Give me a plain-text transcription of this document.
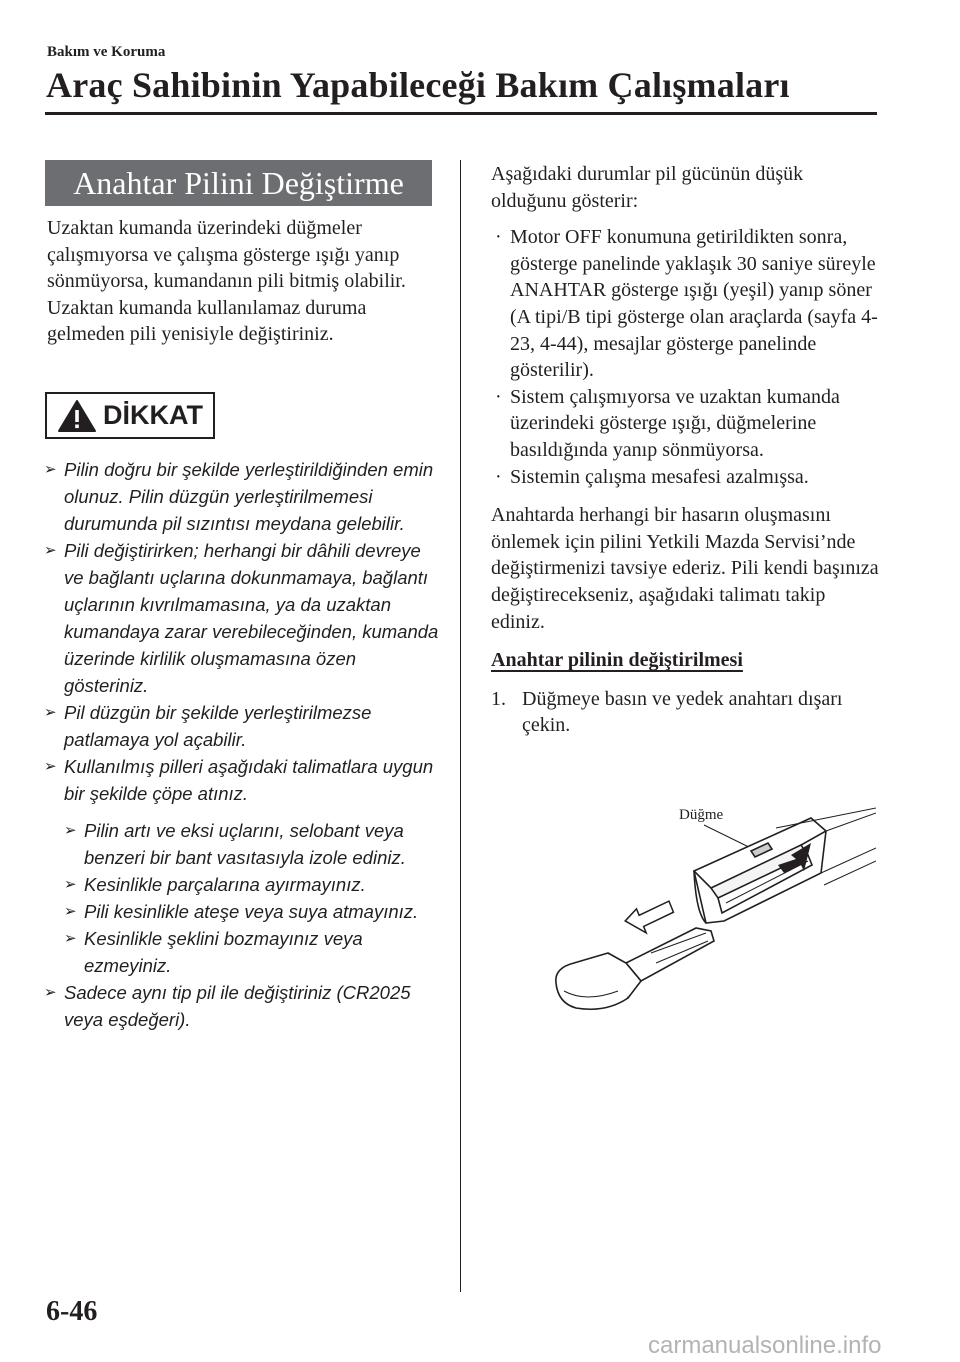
Bakım ve Koruma
Araç Sahibinin Yapabileceği Bakım Çalışmaları
Anahtar Pilini Değiştirme
Uzaktan kumanda üzerindeki düğmeler çalışmıyorsa ve çalışma gösterge ışığı yanıp sönmüyorsa, kumandanın pili bitmiş olabilir.
Uzaktan kumanda kullanılamaz duruma gelmeden pili yenisiyle değiştiriniz.
DİKKAT
➢ Pilin doğru bir şekilde yerleştirildiğinden emin olunuz. Pilin düzgün yerleştirilmemesi durumunda pil sızıntısı meydana gelebilir.
➢ Pili değiştirirken; herhangi bir dâhili devreye ve bağlantı uçlarına dokunmamaya, bağlantı uçlarının kıvrılmamasına, ya da uzaktan kumandaya zarar verebileceğinden, kumanda üzerinde kirlilik oluşmamasına özen gösteriniz.
➢ Pil düzgün bir şekilde yerleştirilmezse patlamaya yol açabilir.
➢ Kullanılmış pilleri aşağıdaki talimatlara uygun bir şekilde çöpe atınız.
➢ Pilin artı ve eksi uçlarını, selobant veya benzeri bir bant vasıtasıyla izole ediniz.
➢ Kesinlikle parçalarına ayırmayınız.
➢ Pili kesinlikle ateşe veya suya atmayınız.
➢ Kesinlikle şeklini bozmayınız veya ezmeyiniz.
➢ Sadece aynı tip pil ile değiştiriniz (CR2025 veya eşdeğeri).
Aşağıdaki durumlar pil gücünün düşük olduğunu gösterir:
· Motor OFF konumuna getirildikten sonra, gösterge panelinde yaklaşık 30 saniye süreyle ANAHTAR gösterge ışığı (yeşil) yanıp söner (A tipi/B tipi gösterge olan araçlarda (sayfa 4-23, 4-44), mesajlar gösterge panelinde gösterilir).
· Sistem çalışmıyorsa ve uzaktan kumanda üzerindeki gösterge ışığı, düğmelerine basıldığında yanıp sönmüyorsa.
· Sistemin çalışma mesafesi azalmışsa.
Anahtarda herhangi bir hasarın oluşmasını önlemek için pilini Yetkili Mazda Servisi’nde değiştirmenizi tavsiye ederiz. Pili kendi başınıza değiştirecekseniz, aşağıdaki talimatı takip ediniz.
Anahtar pilinin değiştirilmesi
1. Düğmeye basın ve yedek anahtarı dışarı çekin.
Düğme
6-46
carmanualsonline.info
